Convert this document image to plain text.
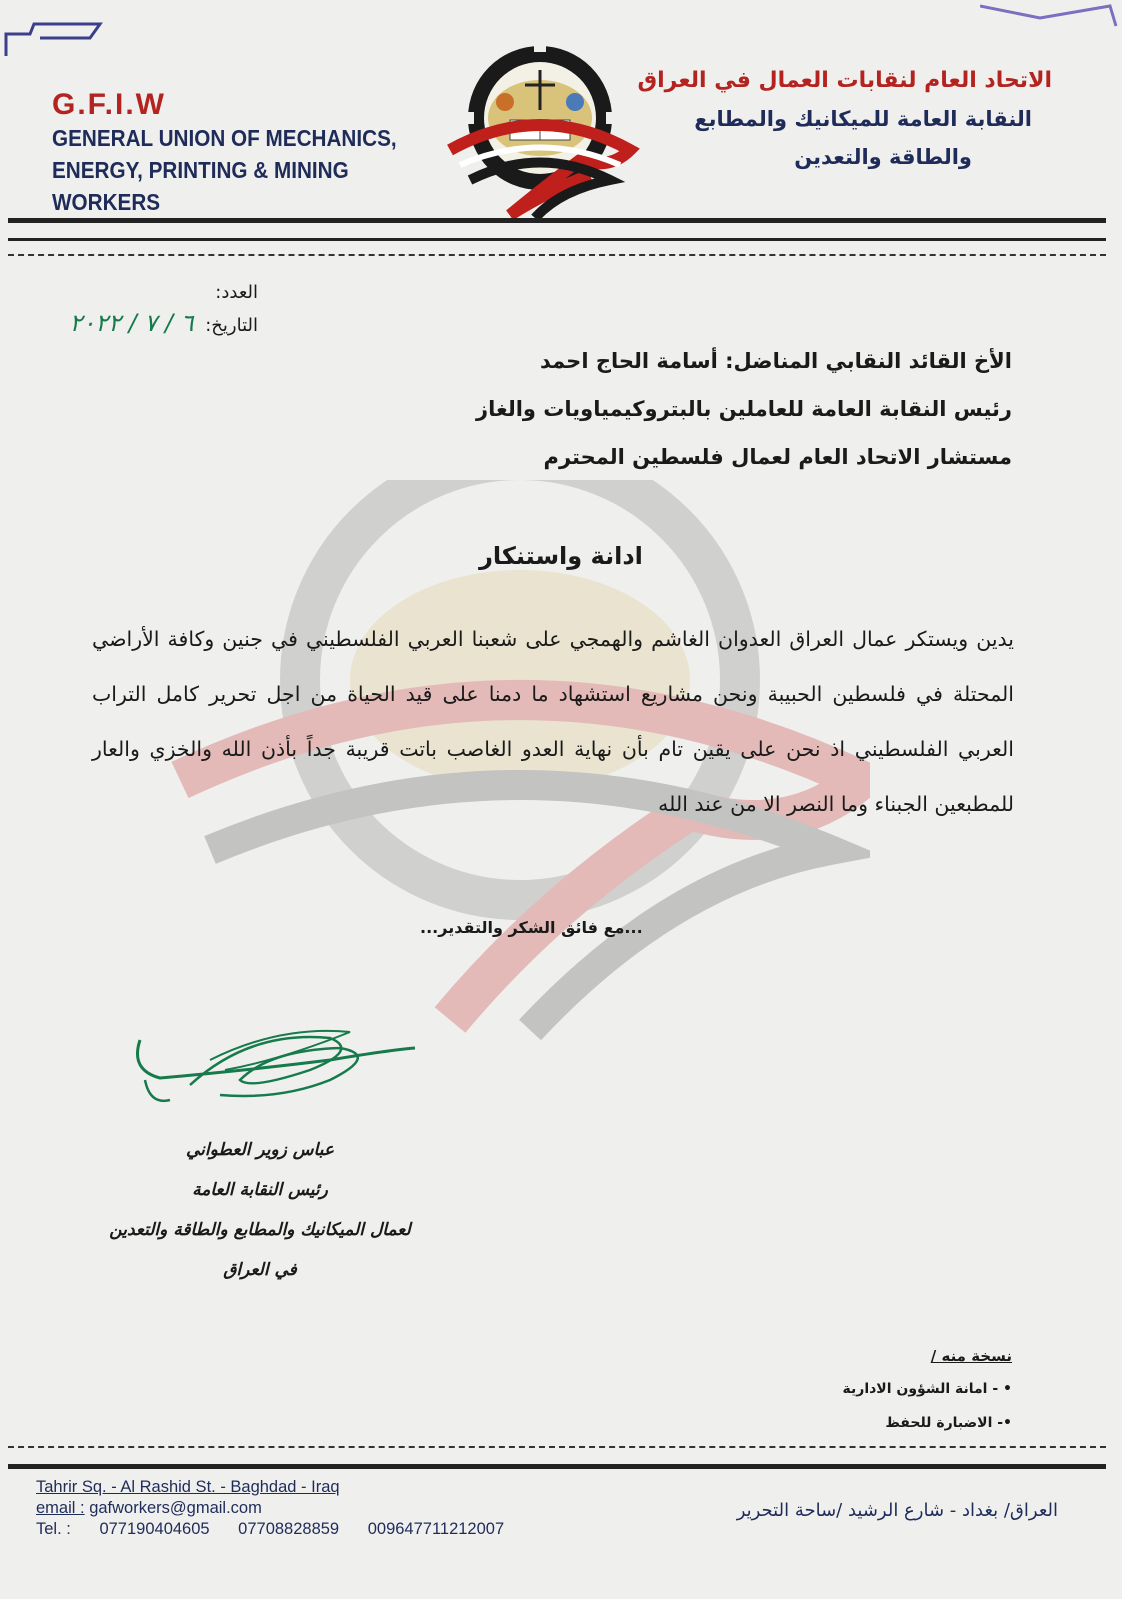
G.F.I.W
GENERAL UNION OF MECHANICS,
ENERGY, PRINTING & MINING
WORKERS
الاتحاد العام لنقابات العمال في العراق
النقابة العامة للميكانيك والمطابع
والطاقة والتعدين
العدد:
التاريخ: ٦ / ٧ / ٢٠٢٢
الأخ القائد النقابي المناضل: أسامة الحاج احمد
رئيس النقابة العامة للعاملين بالبتروكيمياويات والغاز
مستشار الاتحاد العام لعمال فلسطين المحترم
ادانة واستنكار
يدين ويستكر عمال العراق العدوان الغاشم والهمجي على شعبنا العربي الفلسطيني في جنين وكافة الأراضي المحتلة في فلسطين الحبيبة ونحن مشاريع استشهاد ما دمنا على قيد الحياة من اجل تحرير كامل التراب العربي الفلسطيني اذ نحن على يقين تام بأن نهاية العدو الغاصب باتت قريبة جداً بأذن الله والخزي والعار للمطبعين الجبناء وما النصر الا من عند الله
...مع فائق الشكر والتقدير...
عباس زوير العطواني
رئيس النقابة العامة
لعمال الميكانيك والمطابع والطاقة والتعدين
في العراق
نسخة منه /
• - امانة الشؤون الادارية
•- الاضبارة للحفظ
Tahrir Sq. - Al Rashid St. - Baghdad - Iraq
email : gafworkers@gmail.com
Tel. : 077190404605 07708828859 009647711212007
العراق/ بغداد - شارع الرشيد /ساحة التحرير
